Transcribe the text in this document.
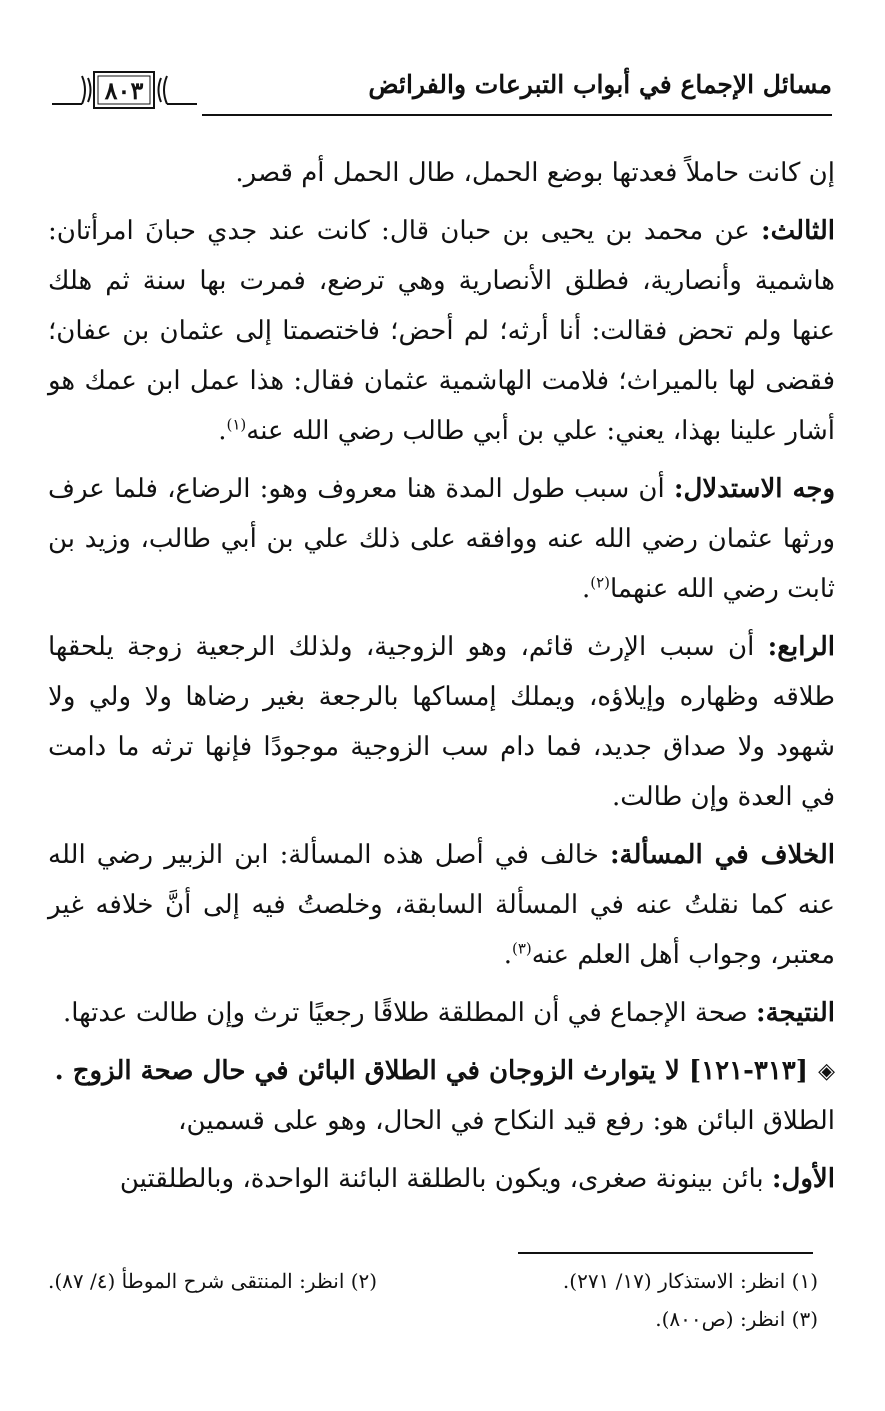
مسائل الإجماع في أبواب التبرعات والفرائض
٨٠٣

إن كانت حاملاً فعدتها بوضع الحمل، طال الحمل أم قصر.

الثالث: عن محمد بن يحيى بن حبان قال: كانت عند جدي حبانَ امرأتان: هاشمية وأنصارية، فطلق الأنصارية وهي ترضع، فمرت بها سنة ثم هلك عنها ولم تحض فقالت: أنا أرثه؛ لم أحض؛ فاختصمتا إلى عثمان بن عفان؛ فقضى لها بالميراث؛ فلامت الهاشمية عثمان فقال: هذا عمل ابن عمك هو أشار علينا بهذا، يعني: علي بن أبي طالب رضي الله عنه$^{(١)}$.

وجه الاستدلال: أن سبب طول المدة هنا معروف وهو: الرضاع، فلما عرف ورثها عثمان رضي الله عنه ووافقه على ذلك علي بن أبي طالب، وزيد بن ثابت رضي الله عنهما$^{(٢)}$.

الرابع: أن سبب الإرث قائم، وهو الزوجية، ولذلك الرجعية زوجة يلحقها طلاقه وظهاره وإيلاؤه، ويملك إمساكها بالرجعة بغير رضاها ولا ولي ولا شهود ولا صداق جديد، فما دام سب الزوجية موجودًا فإنها ترثه ما دامت في العدة وإن طالت.

الخلاف في المسألة: خالف في أصل هذه المسألة: ابن الزبير رضي الله عنه كما نقلتُ عنه في المسألة السابقة، وخلصتُ فيه إلى أنَّ خلافه غير معتبر، وجواب أهل العلم عنه$^{(٣)}$.

النتيجة: صحة الإجماع في أن المطلقة طلاقًا رجعيًا ترث وإن طالت عدتها.

◈
[٣١٣-١٢١] لا يتوارث الزوجان في الطلاق البائن في حال صحة الزوج .

الطلاق البائن هو: رفع قيد النكاح في الحال، وهو على قسمين،

الأول: بائن بينونة صغرى، ويكون بالطلقة البائنة الواحدة، وبالطلقتين

(١) انظر: الاستذكار (١٧/ ٢٧١).
(٢) انظر: المنتقى شرح الموطأ (٤/ ٨٧).
(٣) انظر: (ص٨٠٠).
